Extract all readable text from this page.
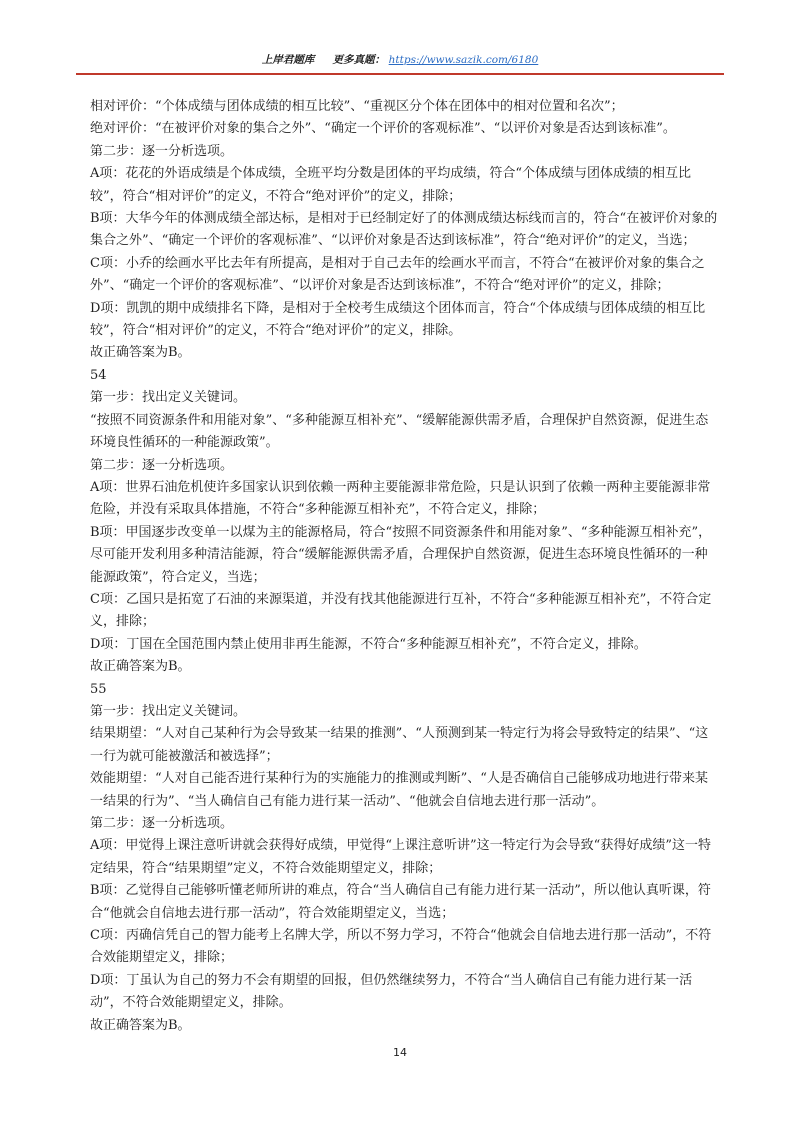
上岸君题库 更多真题： https://www.sazik.com/6180

相对评价：“个体成绩与团体成绩的相互比较”、“重视区分个体在团体中的相对位置和名次”；

绝对评价：“在被评价对象的集合之外”、“确定一个评价的客观标准”、“以评价对象是否达到该标准”。

第二步：逐一分析选项。

A项：花花的外语成绩是个体成绩，全班平均分数是团体的平均成绩，符合“个体成绩与团体成绩的相互比较”，符合“相对评价”的定义，不符合“绝对评价”的定义，排除；

B项：大华今年的体测成绩全部达标，是相对于已经制定好了的体测成绩达标线而言的，符合“在被评价对象的集合之外”、“确定一个评价的客观标准”、“以评价对象是否达到该标准”，符合“绝对评价”的定义，当选；

C项：小乔的绘画水平比去年有所提高，是相对于自己去年的绘画水平而言，不符合“在被评价对象的集合之外”、“确定一个评价的客观标准”、“以评价对象是否达到该标准”，不符合“绝对评价”的定义，排除；

D项：凯凯的期中成绩排名下降，是相对于全校考生成绩这个团体而言，符合“个体成绩与团体成绩的相互比较”，符合“相对评价”的定义，不符合“绝对评价”的定义，排除。

故正确答案为B。

54

第一步：找出定义关键词。

“按照不同资源条件和用能对象”、“多种能源互相补充”、“缓解能源供需矛盾，合理保护自然资源，促进生态环境良性循环的一种能源政策”。

第二步：逐一分析选项。

A项：世界石油危机使许多国家认识到依赖一两种主要能源非常危险，只是认识到了依赖一两种主要能源非常危险，并没有采取具体措施，不符合“多种能源互相补充”，不符合定义，排除；

B项：甲国逐步改变单一以煤为主的能源格局，符合“按照不同资源条件和用能对象”、“多种能源互相补充”，尽可能开发利用多种清洁能源，符合“缓解能源供需矛盾，合理保护自然资源，促进生态环境良性循环的一种能源政策”，符合定义，当选；

C项：乙国只是拓宽了石油的来源渠道，并没有找其他能源进行互补，不符合“多种能源互相补充”，不符合定义，排除；

D项：丁国在全国范围内禁止使用非再生能源，不符合“多种能源互相补充”，不符合定义，排除。

故正确答案为B。

55

第一步：找出定义关键词。

结果期望：“人对自己某种行为会导致某一结果的推测”、“人预测到某一特定行为将会导致特定的结果”、“这一行为就可能被激活和被选择”；

效能期望：“人对自己能否进行某种行为的实施能力的推测或判断”、“人是否确信自己能够成功地进行带来某一结果的行为”、“当人确信自己有能力进行某一活动”、“他就会自信地去进行那一活动”。

第二步：逐一分析选项。

A项：甲觉得上课注意听讲就会获得好成绩，甲觉得“上课注意听讲”这一特定行为会导致“获得好成绩”这一特定结果，符合“结果期望”定义，不符合效能期望定义，排除；

B项：乙觉得自己能够听懂老师所讲的难点，符合“当人确信自己有能力进行某一活动”，所以他认真听课，符合“他就会自信地去进行那一活动”，符合效能期望定义，当选；

C项：丙确信凭自己的智力能考上名牌大学，所以不努力学习，不符合“他就会自信地去进行那一活动”，不符合效能期望定义，排除；

D项：丁虽认为自己的努力不会有期望的回报，但仍然继续努力，不符合“当人确信自己有能力进行某一活动”，不符合效能期望定义，排除。

故正确答案为B。

14
